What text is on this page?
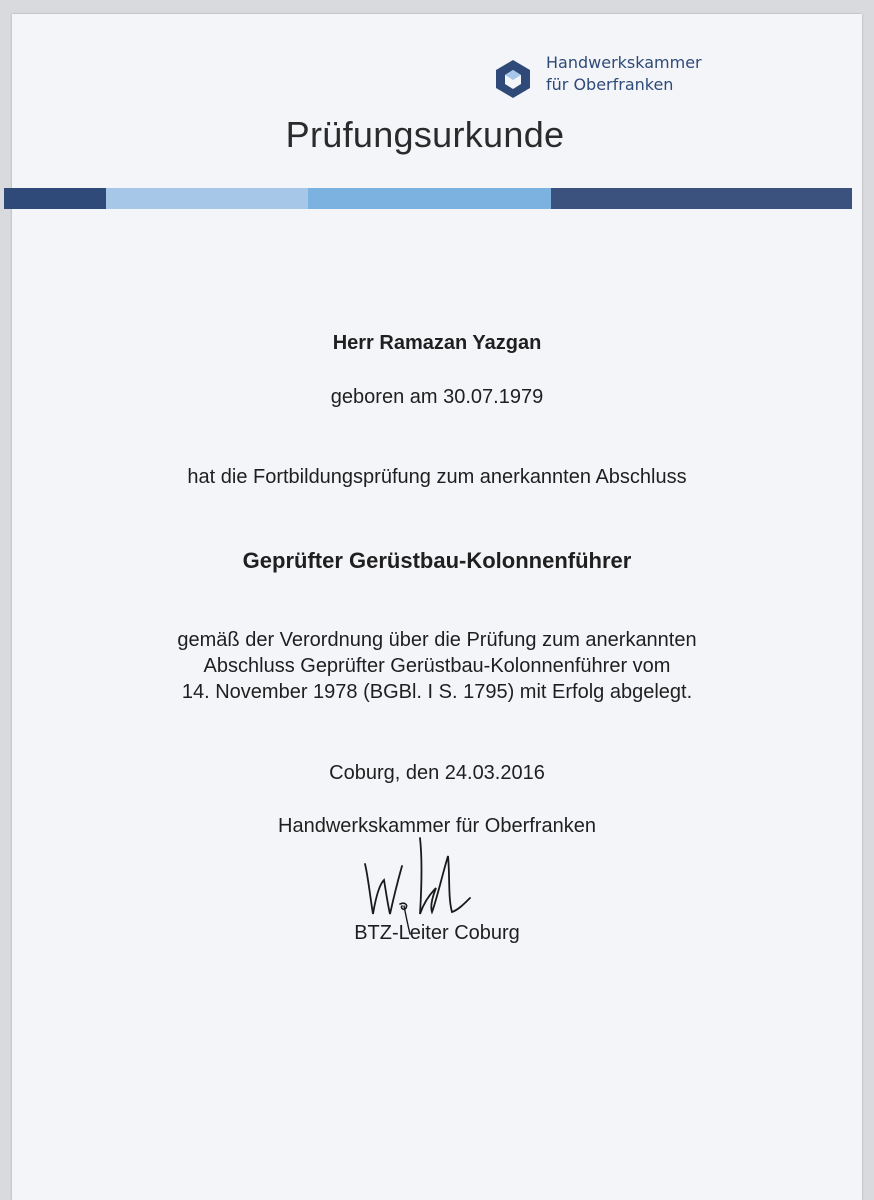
Handwerkskammer
für Oberfranken
Prüfungsurkunde
Herr Ramazan Yazgan
geboren am 30.07.1979
hat die Fortbildungsprüfung zum anerkannten Abschluss
Geprüfter Gerüstbau-Kolonnenführer
gemäß der Verordnung über die Prüfung zum anerkannten
Abschluss Geprüfter Gerüstbau-Kolonnenführer vom
14. November 1978 (BGBl. I S. 1795) mit Erfolg abgelegt.
Coburg, den 24.03.2016
Handwerkskammer für Oberfranken
BTZ-Leiter Coburg
